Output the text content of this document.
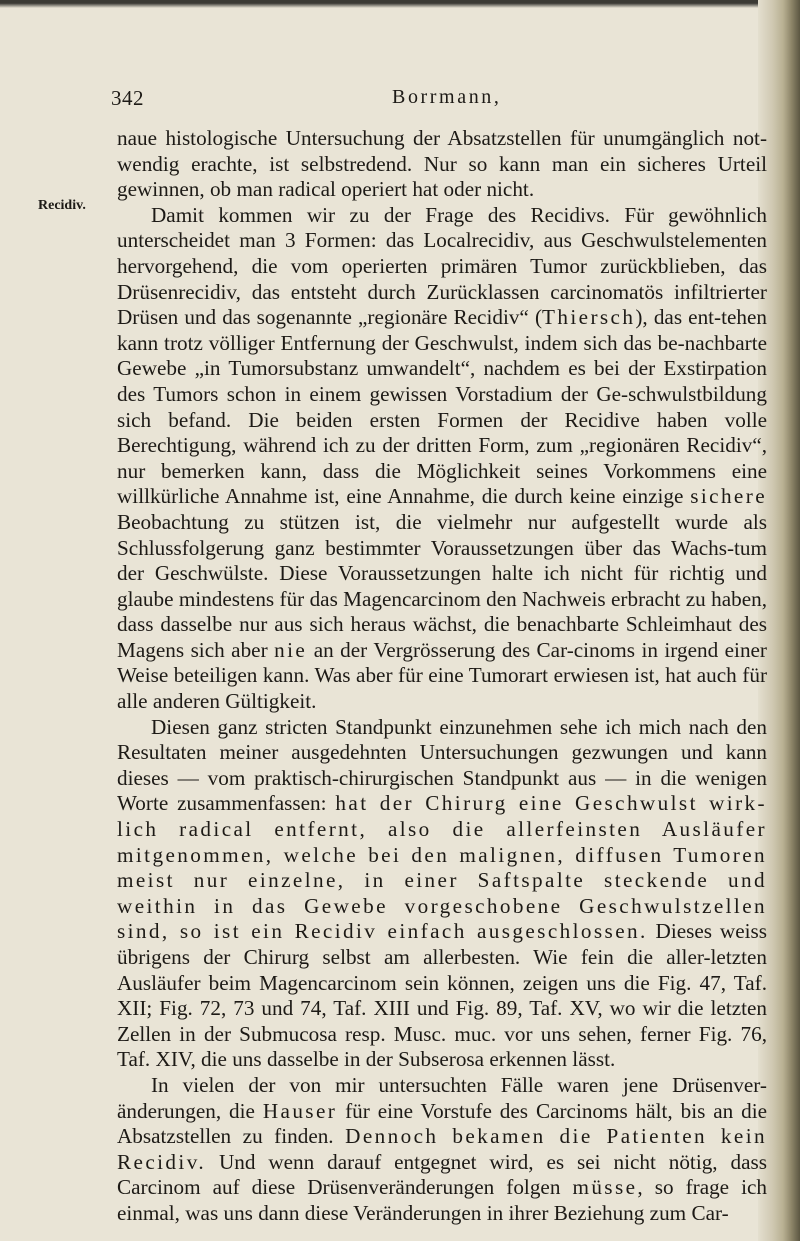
342	Borrmann,
Recidiv.

naue histologische Untersuchung der Absatzstellen für unumgänglich not-wendig erachte, ist selbstredend. Nur so kann man ein sicheres Urteil gewinnen, ob man radical operiert hat oder nicht.

Damit kommen wir zu der Frage des Recidivs. Für gewöhnlich unterscheidet man 3 Formen: das Localrecidiv, aus Geschwulstelementen hervorgehend, die vom operierten primären Tumor zurückblieben, das Drüsenrecidiv, das entsteht durch Zurücklassen carcinomatös infiltrierter Drüsen und das sogenannte „regionäre Recidiv“ (Thiersch), das ent-tehen kann trotz völliger Entfernung der Geschwulst, indem sich das be-nachbarte Gewebe „in Tumorsubstanz umwandelt“, nachdem es bei der Exstirpation des Tumors schon in einem gewissen Vorstadium der Ge-schwulstbildung sich befand. Die beiden ersten Formen der Recidive haben volle Berechtigung, während ich zu der dritten Form, zum „regionären Recidiv“, nur bemerken kann, dass die Möglichkeit seines Vorkommens eine willkürliche Annahme ist, eine Annahme, die durch keine einzige sichere Beobachtung zu stützen ist, die vielmehr nur aufgestellt wurde als Schlussfolgerung ganz bestimmter Voraussetzungen über das Wachs-tum der Geschwülste. Diese Voraussetzungen halte ich nicht für richtig und glaube mindestens für das Magencarcinom den Nachweis erbracht zu haben, dass dasselbe nur aus sich heraus wächst, die benachbarte Schleimhaut des Magens sich aber nie an der Vergrösserung des Car-cinoms in irgend einer Weise beteiligen kann. Was aber für eine Tumorart erwiesen ist, hat auch für alle anderen Gültigkeit.

Diesen ganz stricten Standpunkt einzunehmen sehe ich mich nach den Resultaten meiner ausgedehnten Untersuchungen gezwungen und kann dieses — vom praktisch-chirurgischen Standpunkt aus — in die wenigen Worte zusammenfassen: hat der Chirurg eine Geschwulst wirk-lich radical entfernt, also die allerfeinsten Ausläufer mitgenommen, welche bei den malignen, diffusen Tumoren meist nur einzelne, in einer Saftspalte steckende und weithin in das Gewebe vorgeschobene Geschwulstzellen sind, so ist ein Recidiv einfach ausgeschlossen. Dieses weiss übrigens der Chirurg selbst am allerbesten. Wie fein die aller-letzten Ausläufer beim Magencarcinom sein können, zeigen uns die Fig. 47, Taf. XII; Fig. 72, 73 und 74, Taf. XIII und Fig. 89, Taf. XV, wo wir die letzten Zellen in der Submucosa resp. Musc. muc. vor uns sehen, ferner Fig. 76, Taf. XIV, die uns dasselbe in der Subserosa erkennen lässt.

In vielen der von mir untersuchten Fälle waren jene Drüsenver-änderungen, die Hauser für eine Vorstufe des Carcinoms hält, bis an die Absatzstellen zu finden. Dennoch bekamen die Patienten kein Recidiv. Und wenn darauf entgegnet wird, es sei nicht nötig, dass Carcinom auf diese Drüsenveränderungen folgen müsse, so frage ich einmal, was uns dann diese Veränderungen in ihrer Beziehung zum Car-
